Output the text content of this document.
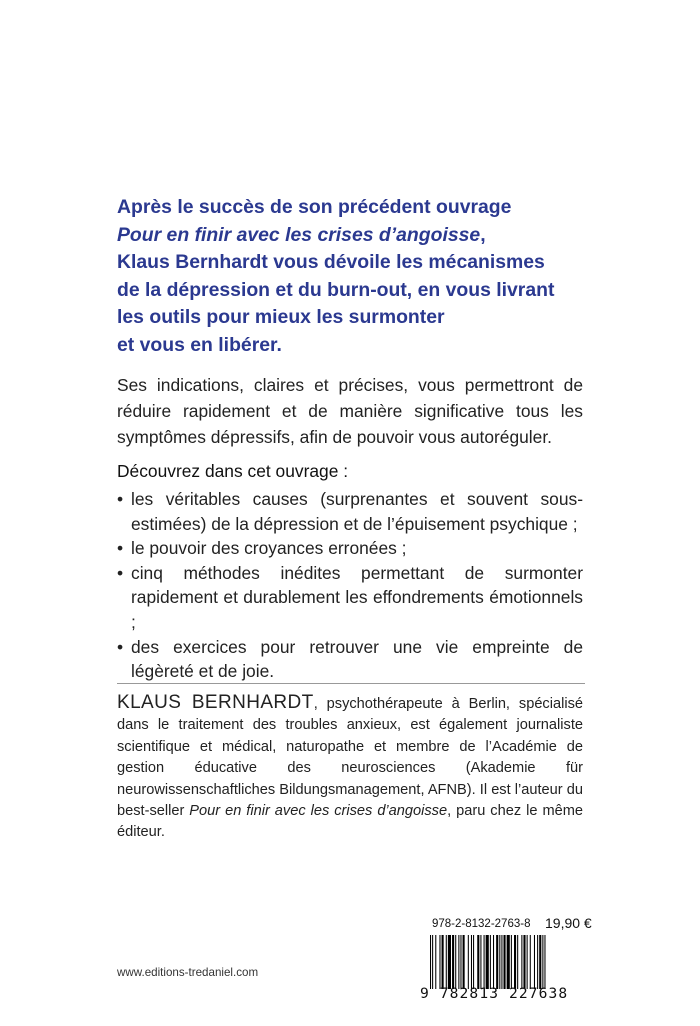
Après le succès de son précédent ouvrage
Pour en finir avec les crises d’angoisse,
Klaus Bernhardt vous dévoile les mécanismes
de la dépression et du burn-out, en vous livrant
les outils pour mieux les surmonter
et vous en libérer.

Ses indications, claires et précises, vous permettront de réduire rapidement et de manière significative tous les symptômes dépressifs, afin de pouvoir vous autoréguler.

Découvrez dans cet ouvrage :
• les véritables causes (surprenantes et souvent sous-estimées) de la dépression et de l’épuisement psychique ;
• le pouvoir des croyances erronées ;
• cinq méthodes inédites permettant de surmonter rapidement et durablement les effondrements émotionnels ;
• des exercices pour retrouver une vie empreinte de légèreté et de joie.

KLAUS BERNHARDT, psychothérapeute à Berlin, spécialisé dans le traitement des troubles anxieux, est également journaliste scientifique et médical, naturopathe et membre de l’Académie de gestion éducative des neurosciences (Akademie für neurowissenschaftliches Bildungsmanagement, AFNB). Il est l’auteur du best-seller Pour en finir avec les crises d’angoisse, paru chez le même éditeur.

978-2-8132-2763-8 19,90 €
9 782813 227638
www.editions-tredaniel.com
